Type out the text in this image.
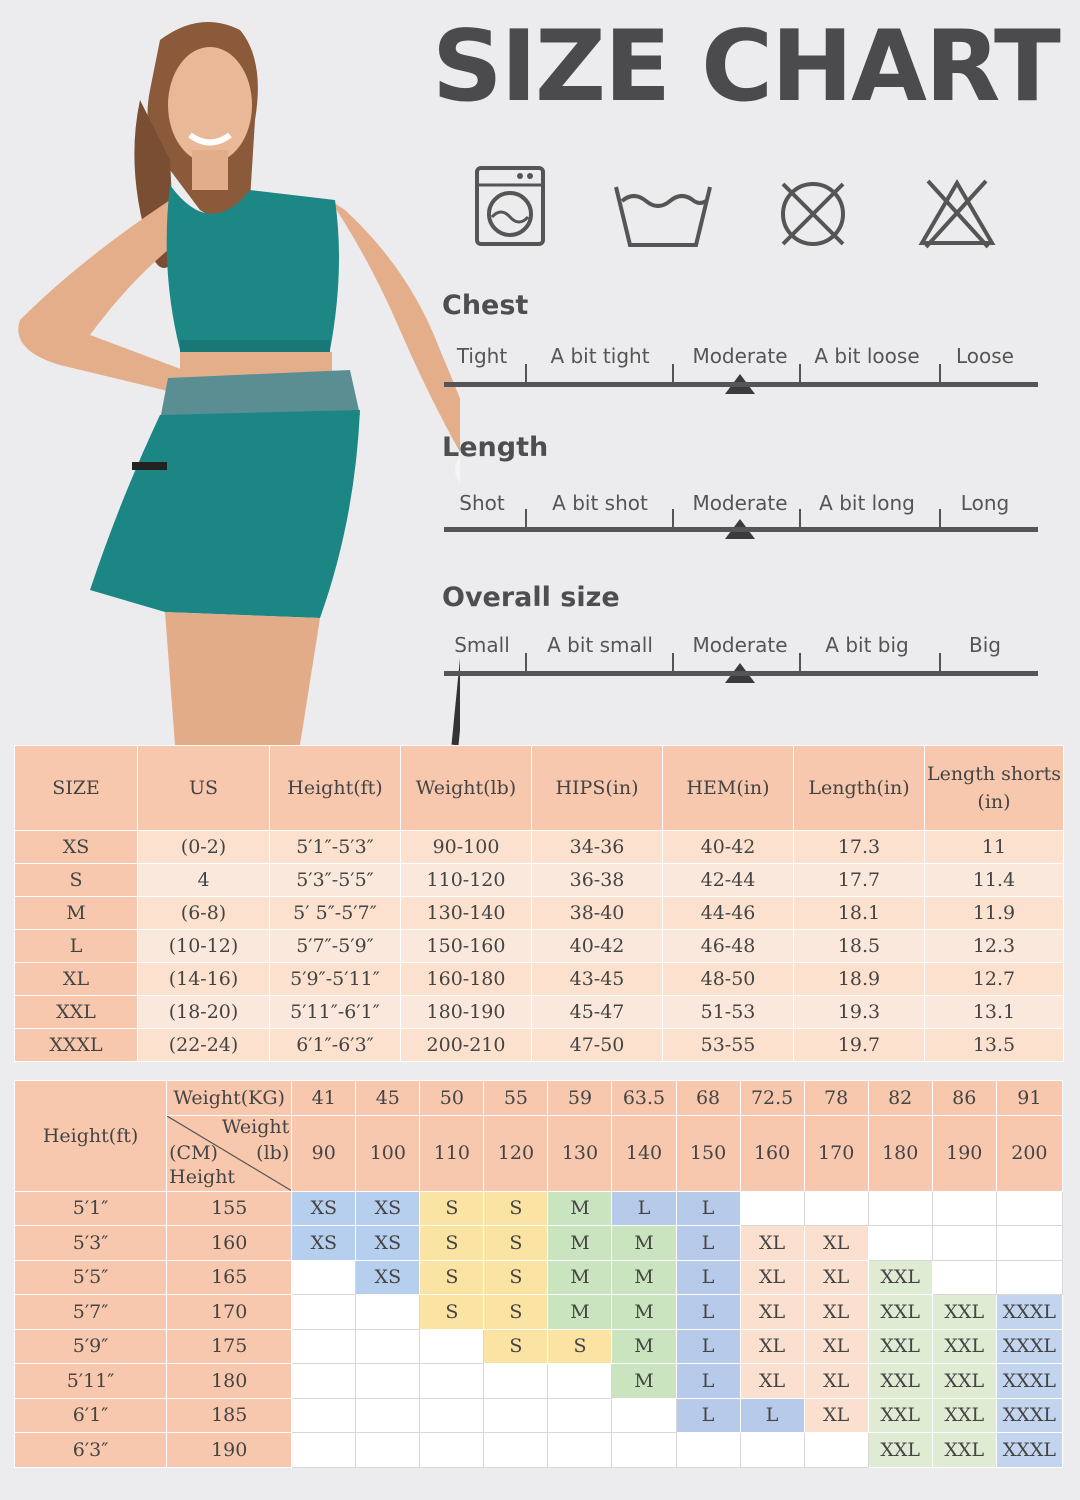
SIZE CHART
Chest
Tight	A bit tight	Moderate	A bit loose	Loose
Length
Shot	A bit shot	Moderate	A bit long	Long
Overall size
Small	A bit small	Moderate	A bit big	Big
SIZE	US	Height(ft)	Weight(lb)	HIPS(in)	HEM(in)	Length(in)	Length shorts (in)
XS	(0-2)	5′1″-5′3″	90-100	34-36	40-42	17.3	11
S	4	5′3″-5′5″	110-120	36-38	42-44	17.7	11.4
M	(6-8)	5′ 5″-5′7″	130-140	38-40	44-46	18.1	11.9
L	(10-12)	5′7″-5′9″	150-160	40-42	46-48	18.5	12.3
XL	(14-16)	5′9″-5′11″	160-180	43-45	48-50	18.9	12.7
XXL	(18-20)	5′11″-6′1″	180-190	45-47	51-53	19.3	13.1
XXXL	(22-24)	6′1″-6′3″	200-210	47-50	53-55	19.7	13.5
Height(ft)	Weight(KG)	41	45	50	55	59	63.5	68	72.5	78	82	86	91

	Weight
(CM) (lb)
Height	90	100	110	120	130	140	150	160	170	180	190	200
5′1″	155	XS	XS	S	S	M	L	L					
5′3″	160	XS	XS	S	S	M	M	L	XL	XL			
5′5″	165		XS	S	S	M	M	L	XL	XL	XXL		
5′7″	170			S	S	M	M	L	XL	XL	XXL	XXL	XXXL
5′9″	175				S	S	M	L	XL	XL	XXL	XXL	XXXL
5′11″	180						M	L	XL	XL	XXL	XXL	XXXL
6′1″	185							L	L	XL	XXL	XXL	XXXL
6′3″	190										XXL	XXL	XXXL
